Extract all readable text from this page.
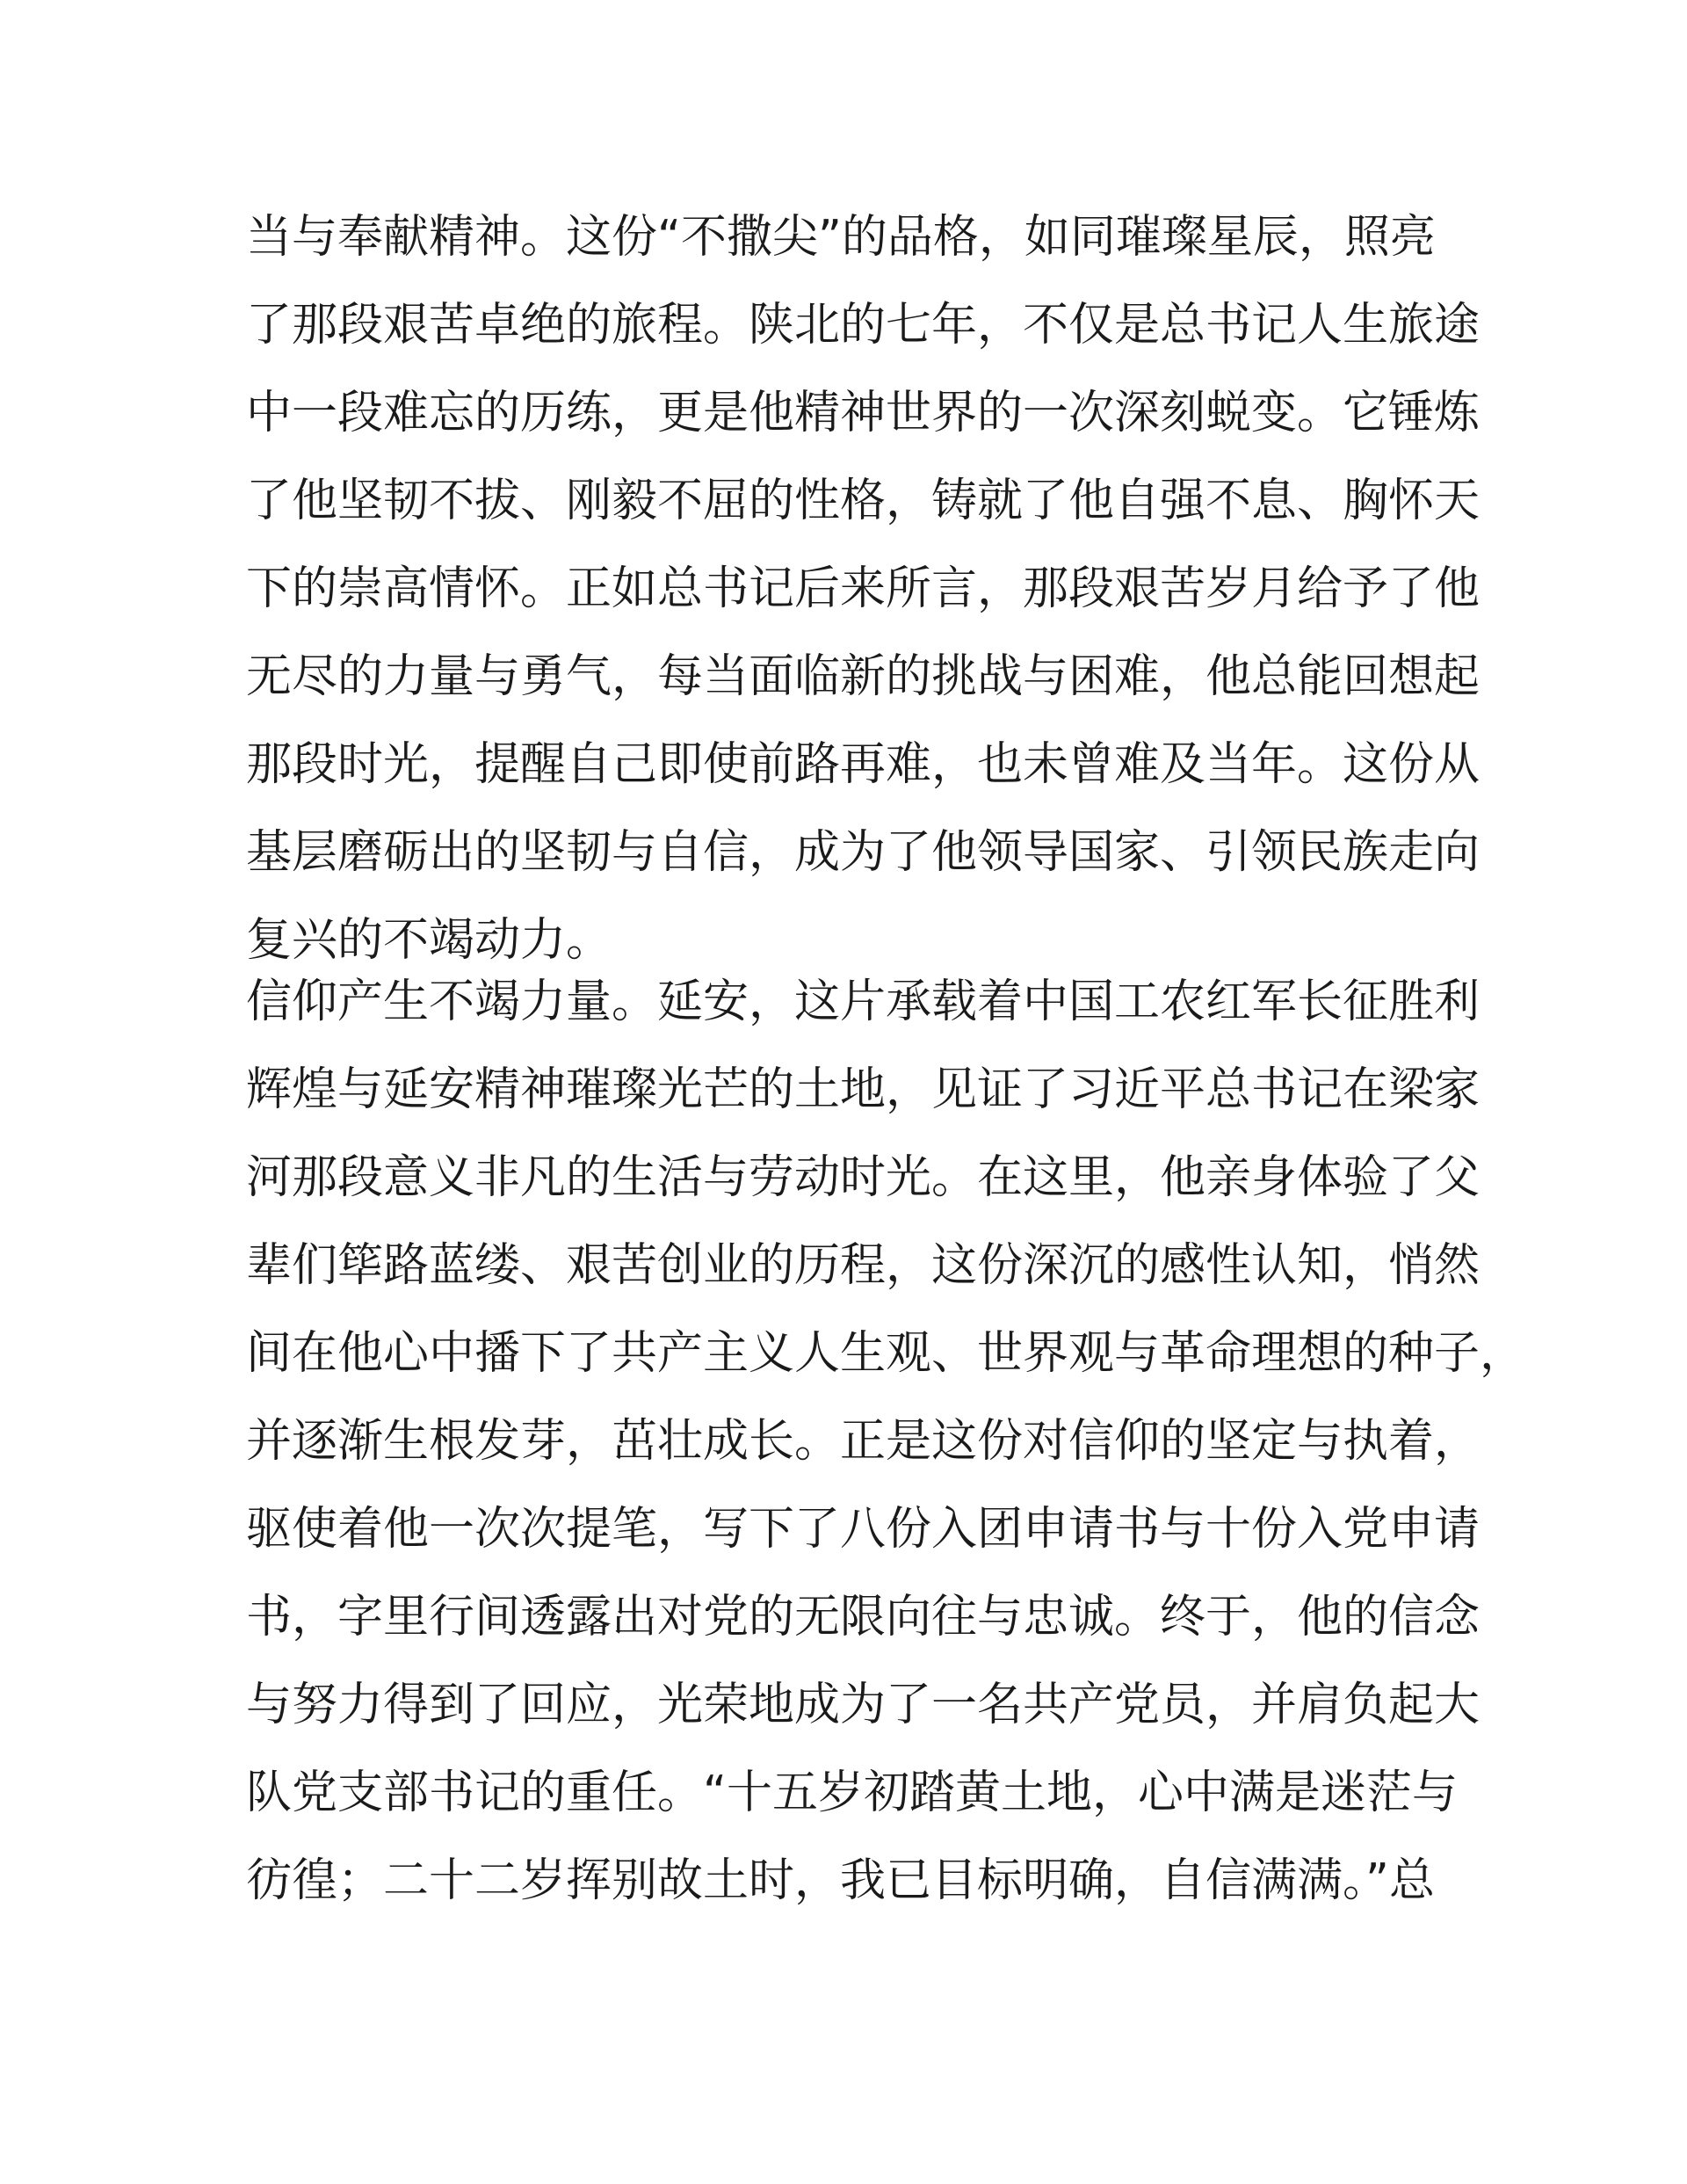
当与奉献精神。这份“不撒尖”的品格，如同璀璨星辰，照亮
了那段艰苦卓绝的旅程。陕北的七年，不仅是总书记人生旅途
中一段难忘的历练，更是他精神世界的一次深刻蜕变。它锤炼
了他坚韧不拔、刚毅不屈的性格，铸就了他自强不息、胸怀天
下的崇高情怀。正如总书记后来所言，那段艰苦岁月给予了他
无尽的力量与勇气，每当面临新的挑战与困难，他总能回想起
那段时光，提醒自己即使前路再难，也未曾难及当年。这份从
基层磨砺出的坚韧与自信，成为了他领导国家、引领民族走向
复兴的不竭动力。
信仰产生不竭力量。延安，这片承载着中国工农红军长征胜利
辉煌与延安精神璀璨光芒的土地，见证了习近平总书记在梁家
河那段意义非凡的生活与劳动时光。在这里，他亲身体验了父
辈们筚路蓝缕、艰苦创业的历程，这份深沉的感性认知，悄然
间在他心中播下了共产主义人生观、世界观与革命理想的种子，
并逐渐生根发芽，茁壮成长。正是这份对信仰的坚定与执着，
驱使着他一次次提笔，写下了八份入团申请书与十份入党申请
书，字里行间透露出对党的无限向往与忠诚。终于，他的信念
与努力得到了回应，光荣地成为了一名共产党员，并肩负起大
队党支部书记的重任。“十五岁初踏黄土地，心中满是迷茫与
彷徨；二十二岁挥别故土时，我已目标明确，自信满满。”总
